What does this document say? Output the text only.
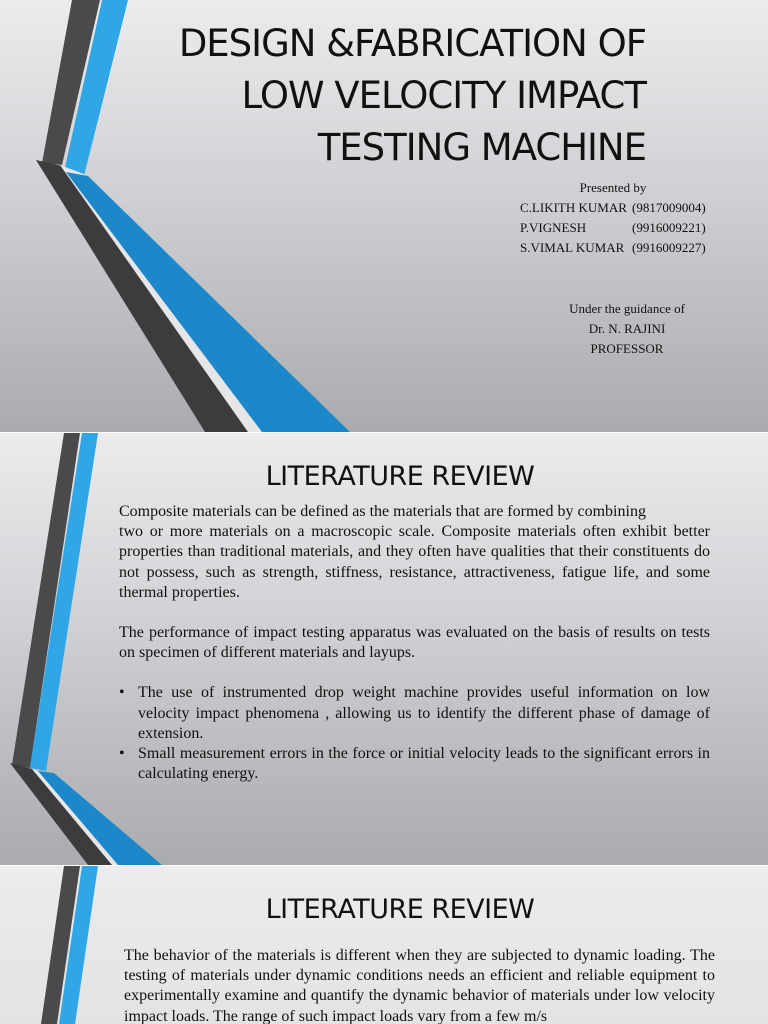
DESIGN &FABRICATION OF
LOW VELOCITY IMPACT
TESTING MACHINE
Presented by
C.LIKITH KUMAR (9817009004)
P.VIGNESH	(9916009221)
S.VIMAL KUMAR (9916009227)
Under the guidance of
Dr. N. RAJINI
PROFESSOR
LITERATURE REVIEW

Composite materials can be defined as the materials that are formed by combining

two or more materials on a macroscopic scale. Composite materials often exhibit better properties than traditional materials, and they often have qualities that their constituents do not possess, such as strength, stiffness, resistance, attractiveness, fatigue life, and some thermal properties.

The performance of impact testing apparatus was evaluated on the basis of results on tests on specimen of different materials and layups.

• The use of instrumented drop weight machine provides useful information on low velocity impact phenomena , allowing us to identify the different phase of damage of extension.
• Small measurement errors in the force or initial velocity leads to the significant errors in calculating energy.
LITERATURE REVIEW

The behavior of the materials is different when they are subjected to dynamic loading. The testing of materials under dynamic conditions needs an efficient and reliable equipment to experimentally examine and quantify the dynamic behavior of materials under low velocity impact loads. The range of such impact loads vary from a few m/s
